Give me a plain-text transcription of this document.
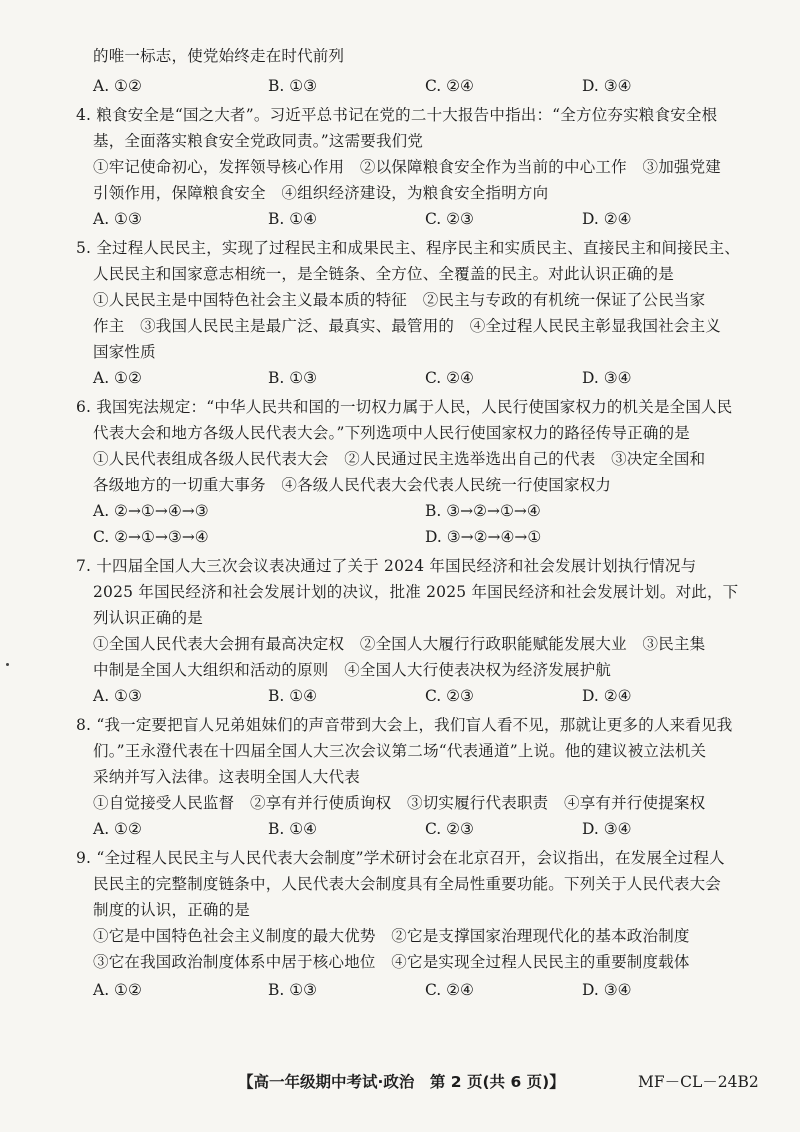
的唯一标志，使党始终走在时代前列
A. ①②	B. ①③	C. ②④	D. ③④
4. 粮食安全是“国之大者”。习近平总书记在党的二十大报告中指出：“全方位夯实粮食安全根
基，全面落实粮食安全党政同责。”这需要我们党
①牢记使命初心，发挥领导核心作用　②以保障粮食安全作为当前的中心工作　③加强党建
引领作用，保障粮食安全　④组织经济建设，为粮食安全指明方向
A. ①③	B. ①④	C. ②③	D. ②④
5. 全过程人民民主，实现了过程民主和成果民主、程序民主和实质民主、直接民主和间接民主、
人民民主和国家意志相统一，是全链条、全方位、全覆盖的民主。对此认识正确的是
①人民民主是中国特色社会主义最本质的特征　②民主与专政的有机统一保证了公民当家
作主　③我国人民民主是最广泛、最真实、最管用的　④全过程人民民主彰显我国社会主义
国家性质
A. ①②	B. ①③	C. ②④	D. ③④
6. 我国宪法规定：“中华人民共和国的一切权力属于人民，人民行使国家权力的机关是全国人民
代表大会和地方各级人民代表大会。”下列选项中人民行使国家权力的路径传导正确的是
①人民代表组成各级人民代表大会　②人民通过民主选举选出自己的代表　③决定全国和
各级地方的一切重大事务　④各级人民代表大会代表人民统一行使国家权力
A. ②→①→④→③	B. ③→②→①→④
C. ②→①→③→④	D. ③→②→④→①
7. 十四届全国人大三次会议表决通过了关于 2024 年国民经济和社会发展计划执行情况与
2025 年国民经济和社会发展计划的决议，批准 2025 年国民经济和社会发展计划。对此，下
列认识正确的是
①全国人民代表大会拥有最高决定权　②全国人大履行行政职能赋能发展大业　③民主集
中制是全国人大组织和活动的原则　④全国人大行使表决权为经济发展护航
A. ①③	B. ①④	C. ②③	D. ②④
8. “我一定要把盲人兄弟姐妹们的声音带到大会上，我们盲人看不见，那就让更多的人来看见我
们。”王永澄代表在十四届全国人大三次会议第二场“代表通道”上说。他的建议被立法机关
采纳并写入法律。这表明全国人大代表
①自觉接受人民监督　②享有并行使质询权　③切实履行代表职责　④享有并行使提案权
A. ①②	B. ①④	C. ②③	D. ③④
9. “全过程人民民主与人民代表大会制度”学术研讨会在北京召开，会议指出，在发展全过程人
民民主的完整制度链条中，人民代表大会制度具有全局性重要功能。下列关于人民代表大会
制度的认识，正确的是
①它是中国特色社会主义制度的最大优势　②它是支撑国家治理现代化的基本政治制度
③它在我国政治制度体系中居于核心地位　④它是实现全过程人民民主的重要制度载体
A. ①②	B. ①③	C. ②④	D. ③④
【高一年级期中考试·政治　第 2 页(共 6 页)】	MF－CL－24B2
